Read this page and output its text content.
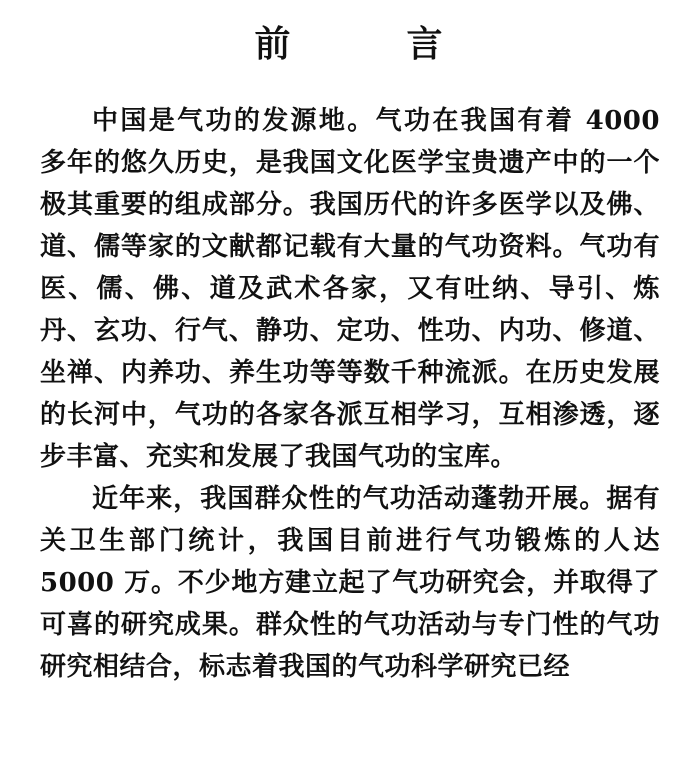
前　言

中国是气功的发源地。气功在我国有着 4000 多年的悠久历史，是我国文化医学宝贵遗产中的一个极其重要的组成部分。我国历代的许多医学以及佛、道、儒等家的文献都记载有大量的气功资料。气功有医、儒、佛、道及武术各家，又有吐纳、导引、炼丹、玄功、行气、静功、定功、性功、内功、修道、坐禅、内养功、养生功等等数千种流派。在历史发展的长河中，气功的各家各派互相学习，互相渗透，逐步丰富、充实和发展了我国气功的宝库。

近年来，我国群众性的气功活动蓬勃开展。据有关卫生部门统计，我国目前进行气功锻炼的人达 5000 万。不少地方建立起了气功研究会，并取得了可喜的研究成果。群众性的气功活动与专门性的气功研究相结合，标志着我国的气功科学研究已经
